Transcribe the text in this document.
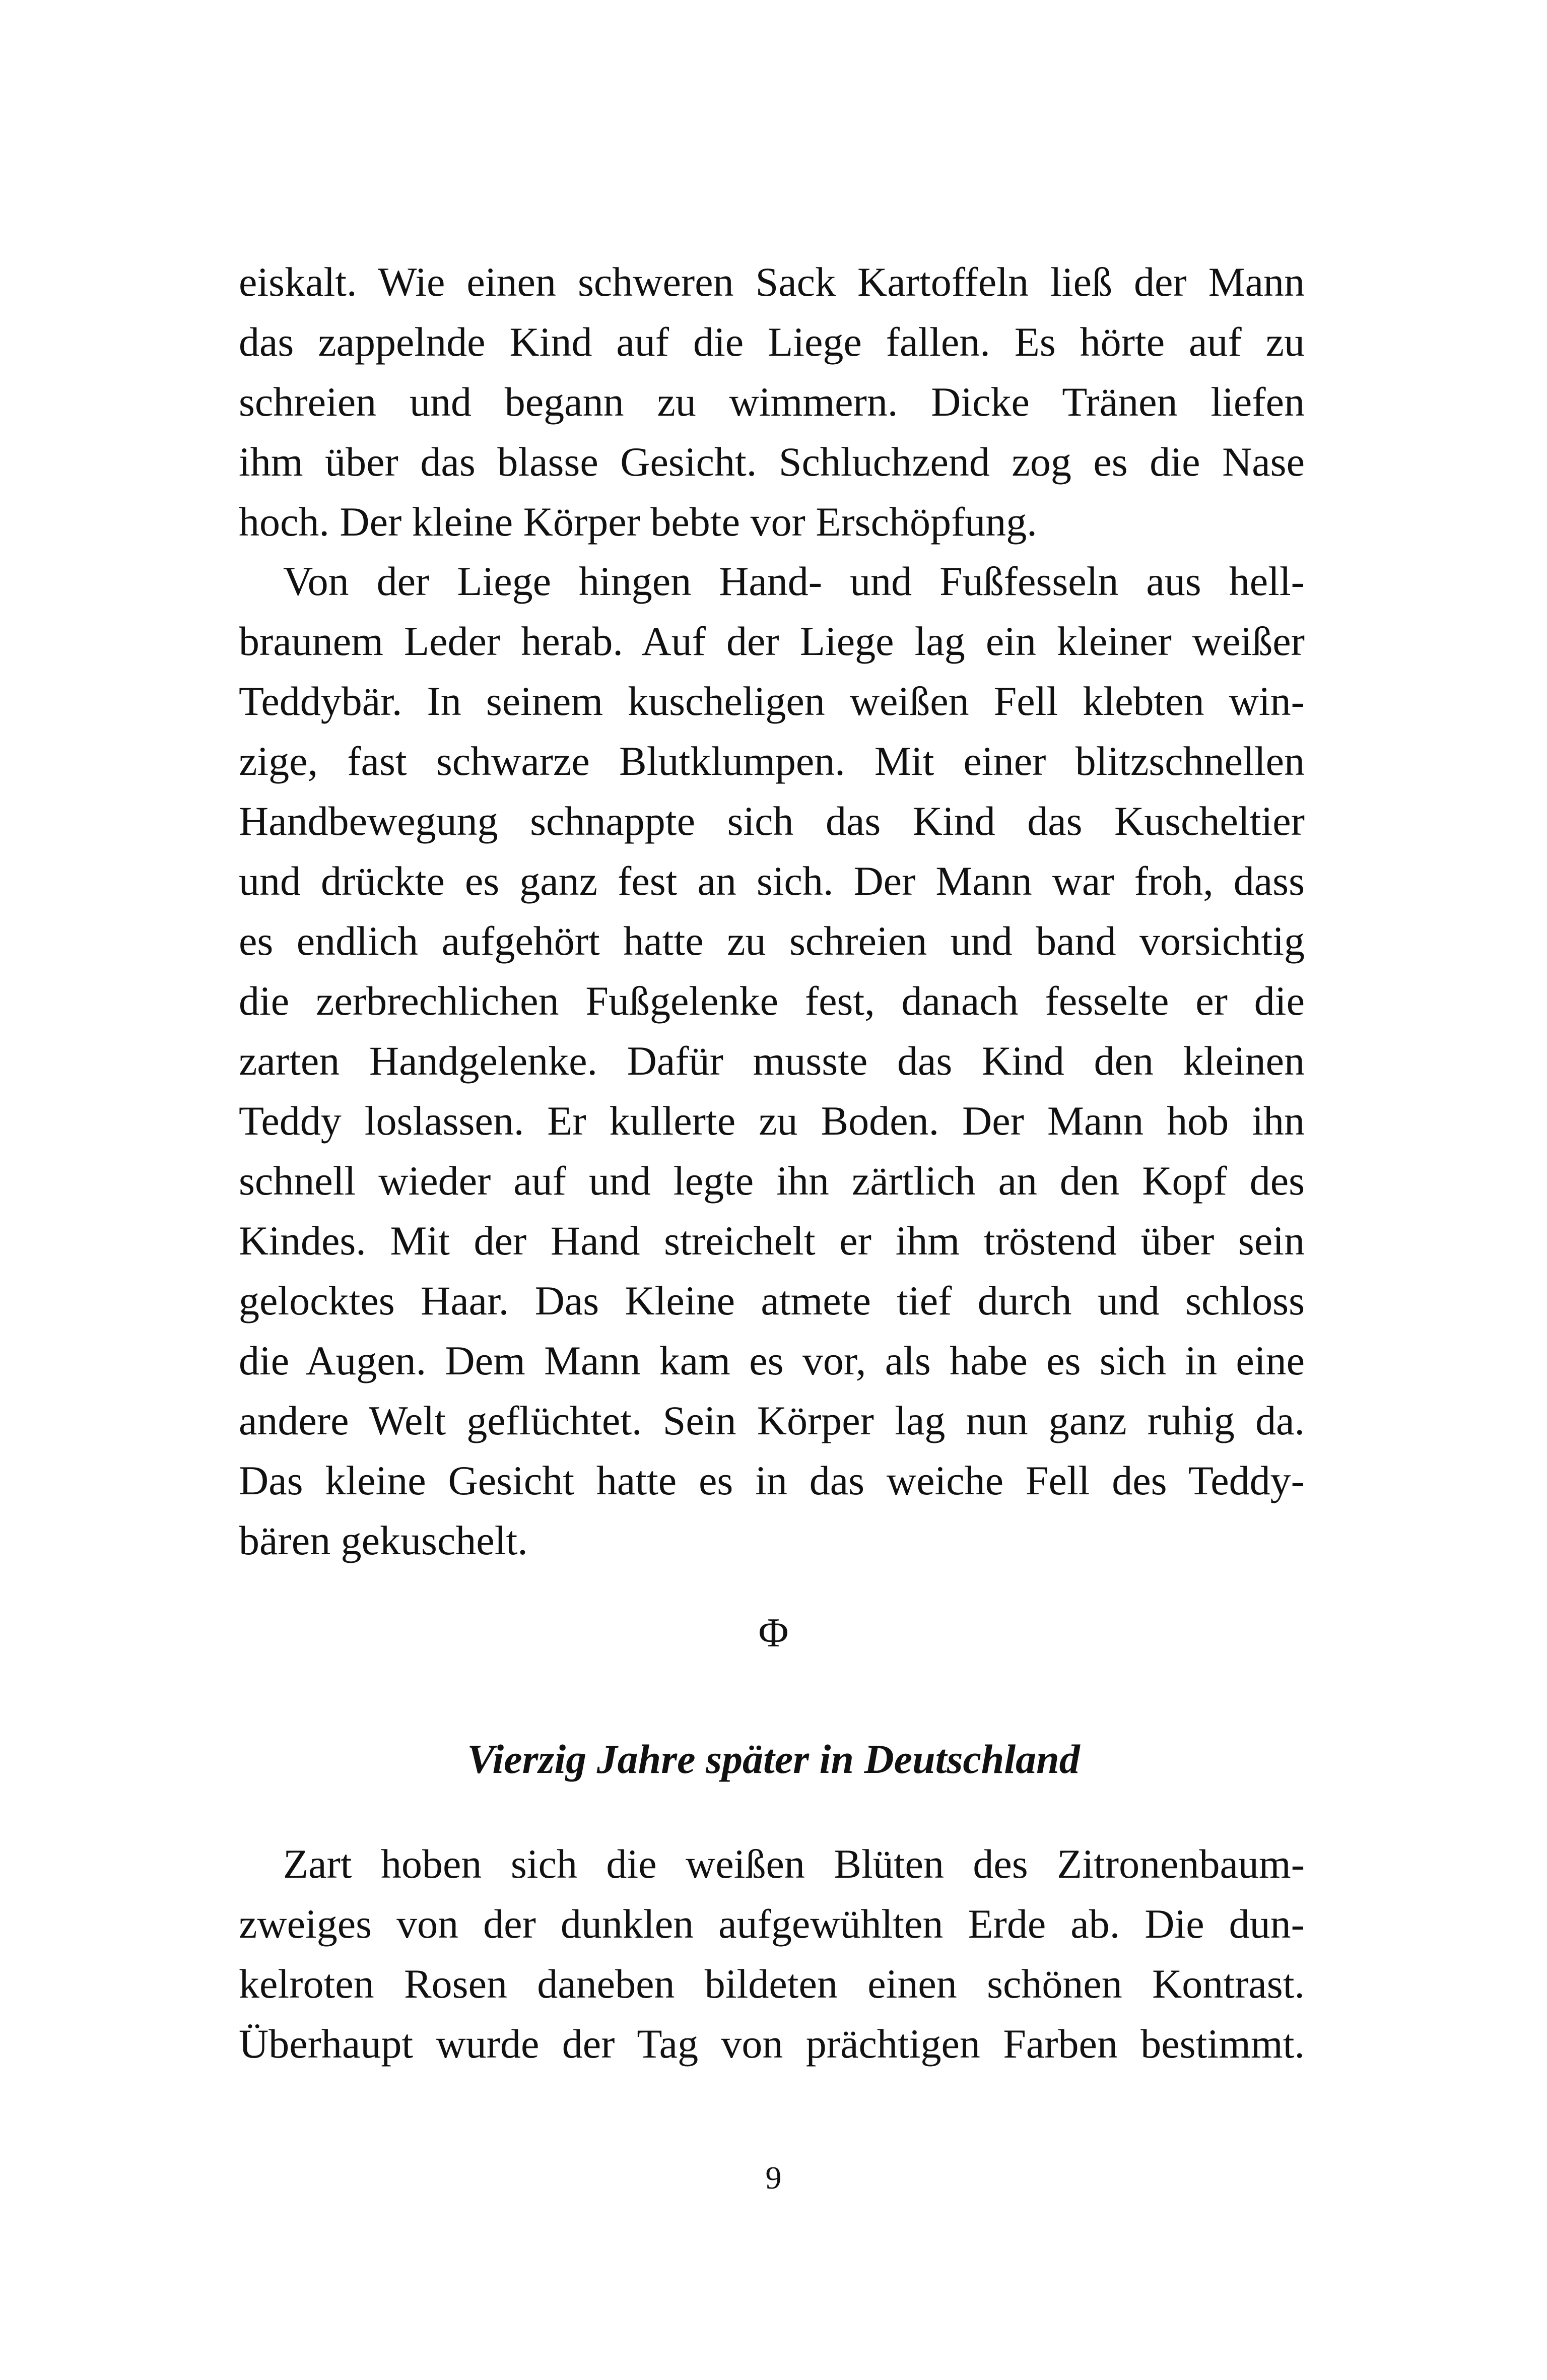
eiskalt. Wie einen schweren Sack Kartoffeln ließ der Mann
das zappelnde Kind auf die Liege fallen. Es hörte auf zu
schreien und begann zu wimmern. Dicke Tränen liefen
ihm über das blasse Gesicht. Schluchzend zog es die Nase
hoch. Der kleine Körper bebte vor Erschöpfung.
Von der Liege hingen Hand- und Fußfesseln aus hell-
braunem Leder herab. Auf der Liege lag ein kleiner weißer
Teddybär. In seinem kuscheligen weißen Fell klebten win-
zige, fast schwarze Blutklumpen. Mit einer blitzschnellen
Handbewegung schnappte sich das Kind das Kuscheltier
und drückte es ganz fest an sich. Der Mann war froh, dass
es endlich aufgehört hatte zu schreien und band vorsichtig
die zerbrechlichen Fußgelenke fest, danach fesselte er die
zarten Handgelenke. Dafür musste das Kind den kleinen
Teddy loslassen. Er kullerte zu Boden. Der Mann hob ihn
schnell wieder auf und legte ihn zärtlich an den Kopf des
Kindes. Mit der Hand streichelt er ihm tröstend über sein
gelocktes Haar. Das Kleine atmete tief durch und schloss
die Augen. Dem Mann kam es vor, als habe es sich in eine
andere Welt geflüchtet. Sein Körper lag nun ganz ruhig da.
Das kleine Gesicht hatte es in das weiche Fell des Teddy-
bären gekuschelt.
Φ
Vierzig Jahre später in Deutschland
Zart hoben sich die weißen Blüten des Zitronenbaum-
zweiges von der dunklen aufgewühlten Erde ab. Die dun-
kelroten Rosen daneben bildeten einen schönen Kontrast.
Überhaupt wurde der Tag von prächtigen Farben bestimmt.
9
